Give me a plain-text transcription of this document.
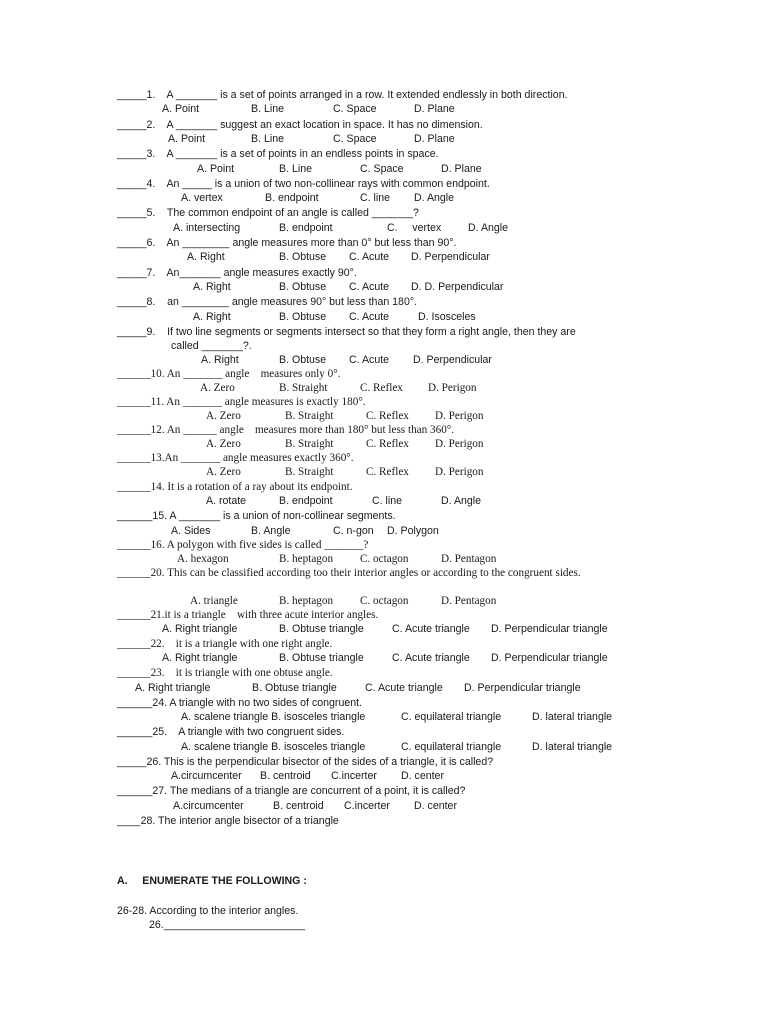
_____1.    A _______ is a set of points arranged in a row. It extended endlessly in both direction.
A. Point	B. Line	C. Space	D. Plane
_____2.    A _______ suggest an exact location in space. It has no dimension.
A. Point	B. Line	C. Space	D. Plane
_____3.    A _______ is a set of points in an endless points in space.
A. Point	B. Line	C. Space	D. Plane
_____4.    An _____ is a union of two non-collinear rays with common endpoint.
A. vertex	B. endpoint	C. line D. Angle
_____5.    The common endpoint of an angle is called _______?
A. intersecting	B. endpoint	C.     vertex	D. Angle
_____6.    An ________ angle measures more than 0° but less than 90°.
A. Right	B. Obtuse C. Acute D. Perpendicular
_____7.    An_______ angle measures exactly 90°.
A. Right	B. Obtuse C. Acute D. D. Perpendicular
_____8.    an ________ angle measures 90° but less than 180°.
A. Right	B. Obtuse C. Acute	D. Isosceles
_____9.    If two line segments or segments intersect so that they form a right angle, then they are
called _______?.
A. Right	B. Obtuse C. Acute D. Perpendicular
______10. An _______ angle    measures only 0°.
A. Zero	B. Straight	C. Reflex D. Perigon
______11. An _______ angle measures is exactly 180°.
A. Zero	B. Straight	C. Reflex D. Perigon
______12. An ______ angle    measures more than 180° but less than 360°.
A. Zero	B. Straight	C. Reflex D. Perigon
______13.An _______ angle measures exactly 360°.
A. Zero	B. Straight	C. Reflex D. Perigon
______14. It is a rotation of a ray about its endpoint.
A. rotate	B. endpoint	C. line	D. Angle
______15. A _______ is a union of non-collinear segments.
A. Sides	B. Angle	C. n-gon D. Polygon
______16. A polygon with five sides is called _______?
A. hexagon	B. heptagon C. octagon	D. Pentagon
______20. This can be classified according too their interior angles or according to the congruent sides.
A. triangle	B. heptagon C. octagon	D. Pentagon
______21.it is a triangle    with three acute interior angles.
A. Right triangle	B. Obtuse triangle	C. Acute triangle D. Perpendicular triangle
______22.    it is a triangle with one right angle.
A. Right triangle	B. Obtuse triangle	C. Acute triangle D. Perpendicular triangle
______23.    it is triangle with one obtuse angle.
A. Right triangle	B. Obtuse triangle	C. Acute triangle D. Perpendicular triangle
______24. A triangle with no two sides of congruent.
A. scalene triangle B. isosceles triangle	C. equilateral triangle	D. lateral triangle
______25.    A triangle with two congruent sides.
A. scalene triangle B. isosceles triangle	C. equilateral triangle	D. lateral triangle
_____26. This is the perpendicular bisector of the sides of a triangle, it is called?
A.circumcenter B. centroid C.incerter D. center
______27. The medians of a triangle are concurrent of a point, it is called?
A.circumcenter	B. centroid C.incerter D. center
____28. The interior angle bisector of a triangle
A.     ENUMERATE THE FOLLOWING :
26-28. According to the interior angles.
26.________________________
